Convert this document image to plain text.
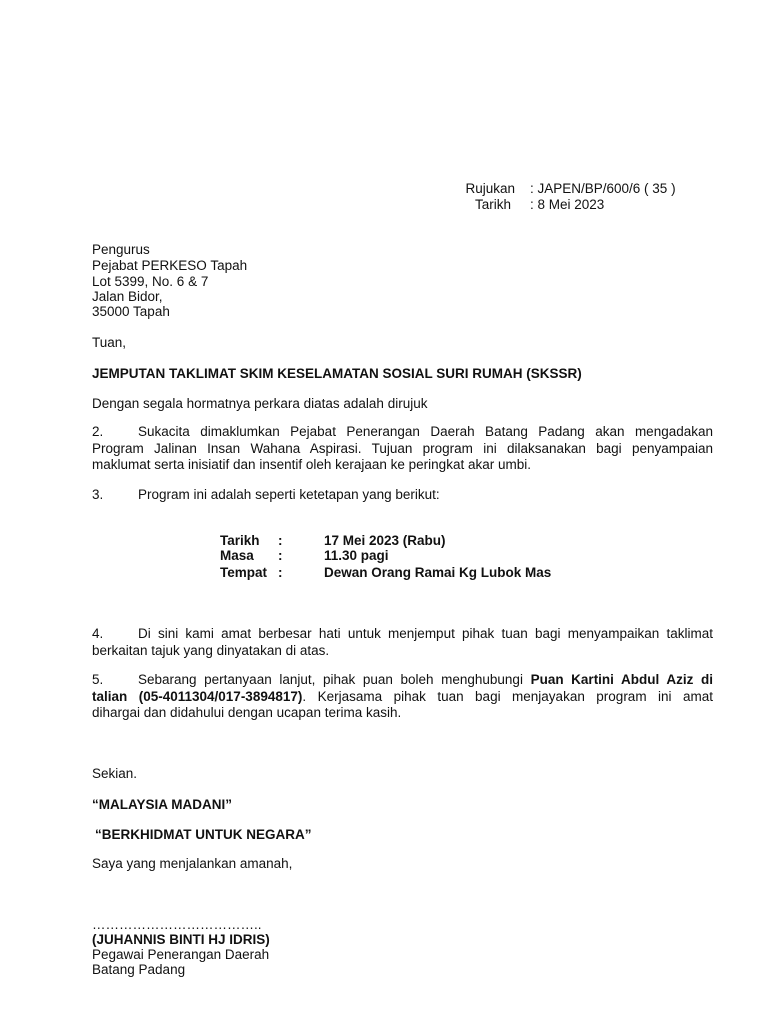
Rujukan : JAPEN/BP/600/6 ( 35 )
Tarikh : 8 Mei 2023
Pengurus
Pejabat PERKESO Tapah
Lot 5399, No. 6 & 7
Jalan Bidor,
35000 Tapah
Tuan,
JEMPUTAN TAKLIMAT SKIM KESELAMATAN SOSIAL SURI RUMAH (SKSSR)
Dengan segala hormatnya perkara diatas adalah dirujuk
2.	Sukacita dimaklumkan Pejabat Penerangan Daerah Batang Padang akan mengadakan
Program Jalinan Insan Wahana Aspirasi. Tujuan program ini dilaksanakan bagi penyampaian
maklumat serta inisiatif dan insentif oleh kerajaan ke peringkat akar umbi.
3.	Program ini adalah seperti ketetapan yang berikut:
Tarikh :	17 Mei 2023 (Rabu)
Masa :	11.30 pagi
Tempat :	Dewan Orang Ramai Kg Lubok Mas
4.	Di sini kami amat berbesar hati untuk menjemput pihak tuan bagi menyampaikan taklimat
berkaitan tajuk yang dinyatakan di atas.
5.	Sebarang pertanyaan lanjut, pihak puan boleh menghubungi Puan Kartini Abdul Aziz di
talian (05-4011304/017-3894817). Kerjasama pihak tuan bagi menjayakan program ini amat
dihargai dan didahului dengan ucapan terima kasih.
Sekian.
“MALAYSIA MADANI”
“BERKHIDMAT UNTUK NEGARA”
Saya yang menjalankan amanah,
………………………………..
(JUHANNIS BINTI HJ IDRIS)
Pegawai Penerangan Daerah
Batang Padang
